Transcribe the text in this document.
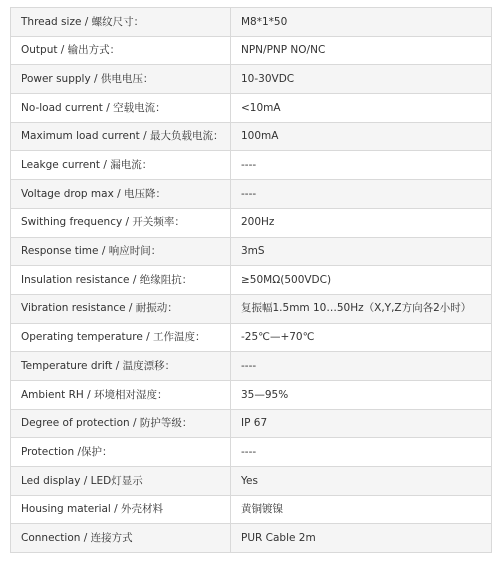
Thread size / 螺纹尺寸：	M8*1*50
Output / 输出方式：	NPN/PNP NO/NC
Power supply / 供电电压：	10-30VDC
No-load current / 空载电流：	<10mA
Maximum load current / 最大负载电流：	100mA
Leakge current / 漏电流：	----
Voltage drop max / 电压降：	----
Swithing frequency / 开关频率：	200Hz
Response time / 响应时间：	3mS
Insulation resistance / 绝缘阻抗：	≥50MΩ(500VDC)
Vibration resistance / 耐振动：	复振幅1.5mm 10…50Hz（X,Y,Z方向各2小时）
Operating temperature / 工作温度：	-25℃—+70℃
Temperature drift / 温度漂移：	----
Ambient RH / 环境相对湿度：	35—95%
Degree of protection / 防护等级：	IP 67
Protection /保护：	----
Led display / LED灯显示	Yes
Housing material / 外壳材料	黄铜镀镍
Connection / 连接方式	PUR Cable 2m
